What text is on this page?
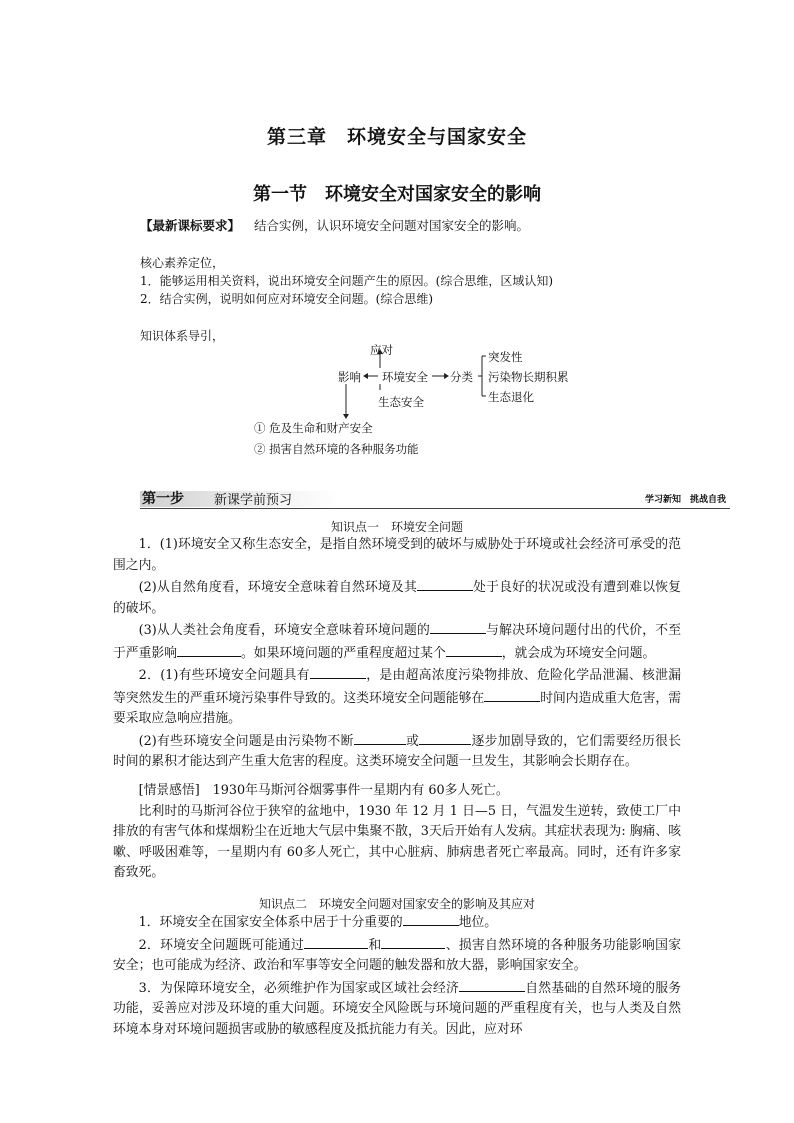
第三章　环境安全与国家安全
第一节　环境安全对国家安全的影响
【最新课标要求】 结合实例，认识环境安全问题对国家安全的影响。
核心素养定位，
1．能够运用相关资料，说出环境安全问题产生的原因。(综合思维，区域认知)
2．结合实例，说明如何应对环境安全问题。(综合思维)
知识体系导引，
应对
影响 环境安全 分类
生态安全
突发性
污染物长期积累
生态退化
① 危及生命和财产安全
② 损害自然环境的各种服务功能
第一步 新课学前预习	学习新知　挑战自我
知识点一　环境安全问题

1．(1)环境安全又称生态安全，是指自然环境受到的破坏与威胁处于环境或社会经济可承受的范围之内。

(2)从自然角度看，环境安全意味着自然环境及其	处于良好的状况或没有遭到难以恢复的破坏。

(3)从人类社会角度看，环境安全意味着环境问题的	与解决环境问题付出的代价，不至于严重影响	。如果环境问题的严重程度超过某个	，就会成为环境安全问题。

2．(1)有些环境安全问题具有	，是由超高浓度污染物排放、危险化学品泄漏、核泄漏等突然发生的严重环境污染事件导致的。这类环境安全问题能够在	时间内造成重大危害，需要采取应急响应措施。

(2)有些环境安全问题是由污染物不断	或	逐步加剧导致的，它们需要经历很长时间的累积才能达到产生重大危害的程度。这类环境安全问题一旦发生，其影响会长期存在。

[情景感悟]　1930年马斯河谷烟雾事件一星期内有 60多人死亡。

比利时的马斯河谷位于狭窄的盆地中，1930 年 12 月 1 日—5 日，气温发生逆转，致使工厂中排放的有害气体和煤烟粉尘在近地大气层中集聚不散，3天后开始有人发病。其症状表现为: 胸痛、咳嗽、呼吸困难等，一星期内有 60多人死亡，其中心脏病、肺病患者死亡率最高。同时，还有许多家畜致死。

知识点二　环境安全问题对国家安全的影响及其应对

1．环境安全在国家安全体系中居于十分重要的	地位。

2．环境安全问题既可能通过	和	、损害自然环境的各种服务功能影响国家安全；也可能成为经济、政治和军事等安全问题的触发器和放大器，影响国家安全。

3．为保障环境安全，必须维护作为国家或区域社会经济	自然基础的自然环境的服务功能，妥善应对涉及环境的重大问题。环境安全风险既与环境问题的严重程度有关，也与人类及自然环境本身对环境问题损害或胁的敏感程度及抵抗能力有关。因此，应对环
